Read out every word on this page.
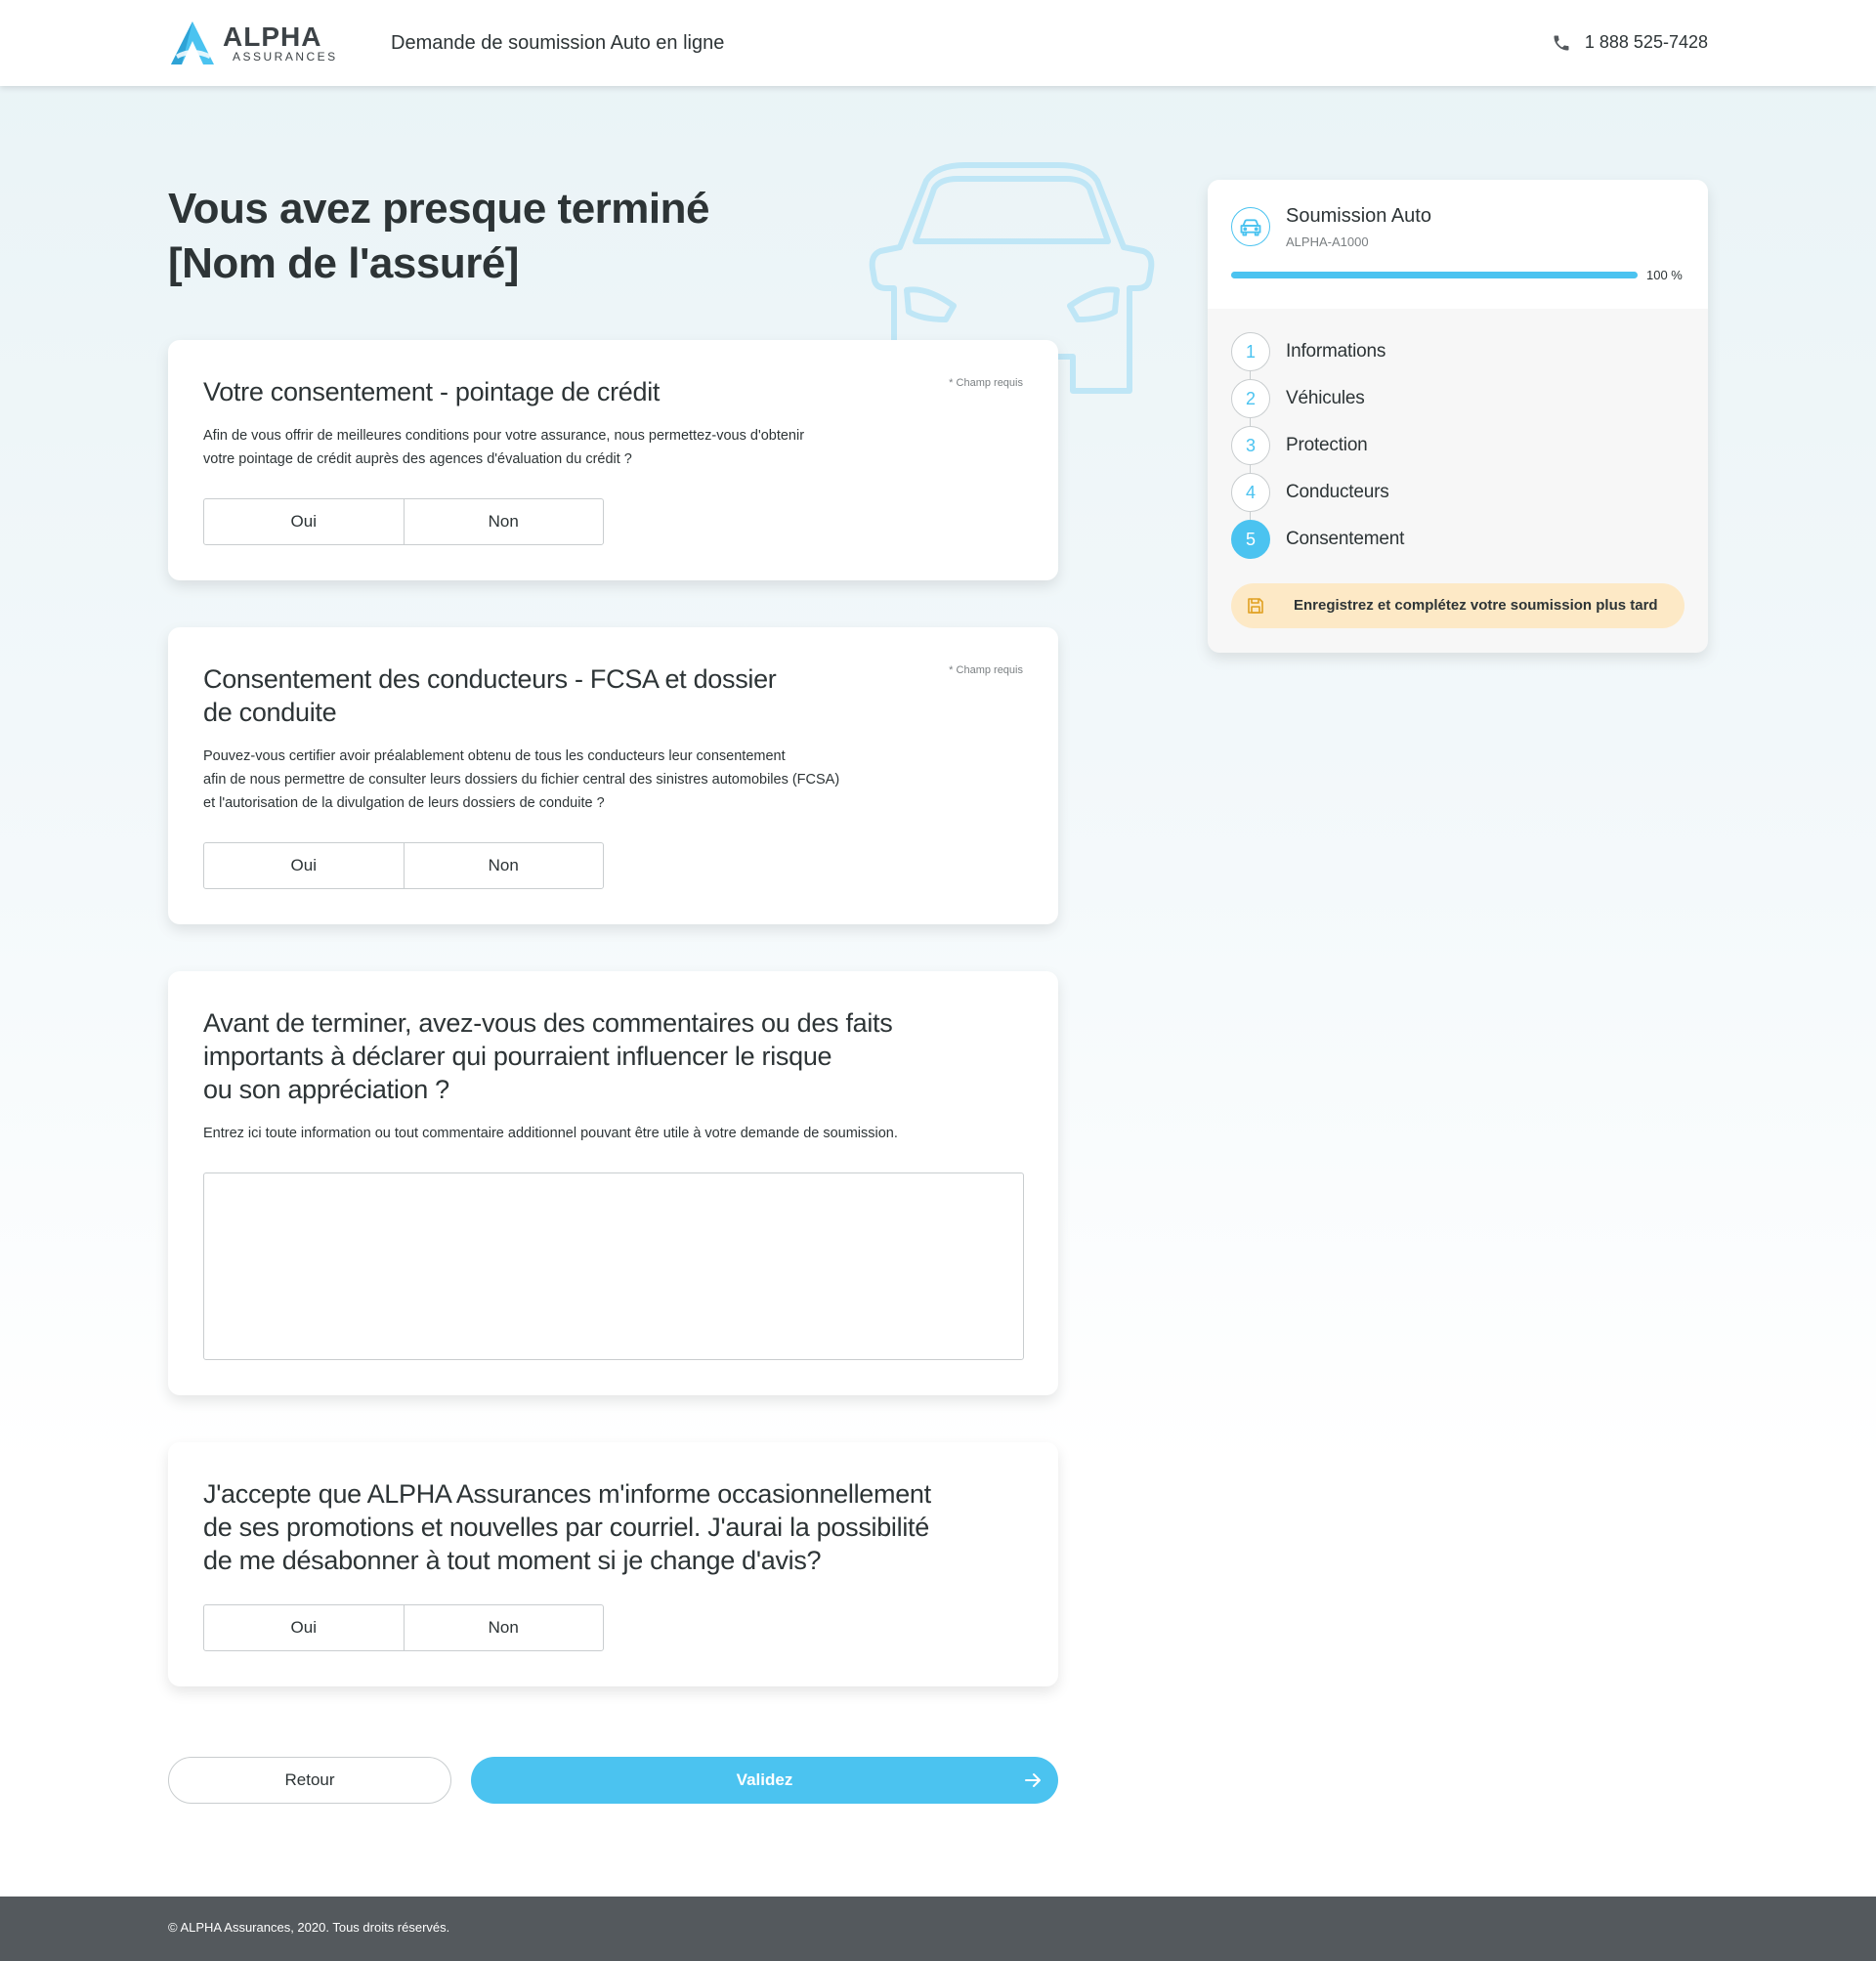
ALPHA
ASSURANCES
Demande de soumission Auto en ligne	1 888 525-7428
Vous avez presque terminé
[Nom de l'assuré]
Votre consentement - pointage de crédit	* Champ requis
Afin de vous offrir de meilleures conditions pour votre assurance, nous permettez-vous d'obtenir
votre pointage de crédit auprès des agences d'évaluation du crédit ?
Oui	Non
Consentement des conducteurs - FCSA et dossier
de conduite
* Champ requis
Pouvez-vous certifier avoir préalablement obtenu de tous les conducteurs leur consentement
afin de nous permettre de consulter leurs dossiers du fichier central des sinistres automobiles (FCSA)
et l'autorisation de la divulgation de leurs dossiers de conduite ?
Oui	Non
Avant de terminer, avez-vous des commentaires ou des faits
importants à déclarer qui pourraient influencer le risque
ou son appréciation ?
Entrez ici toute information ou tout commentaire additionnel pouvant être utile à votre demande de soumission.
J'accepte que ALPHA Assurances m'informe occasionnellement
de ses promotions et nouvelles par courriel. J'aurai la possibilité
de me désabonner à tout moment si je change d'avis?
Oui	Non
Retour	Validez
Soumission Auto
ALPHA-A1000
100 %
1	Informations
2	Véhicules
3	Protection
4	Conducteurs
5	Consentement
Enregistrez et complétez votre soumission plus tard
© ALPHA Assurances, 2020. Tous droits réservés.
